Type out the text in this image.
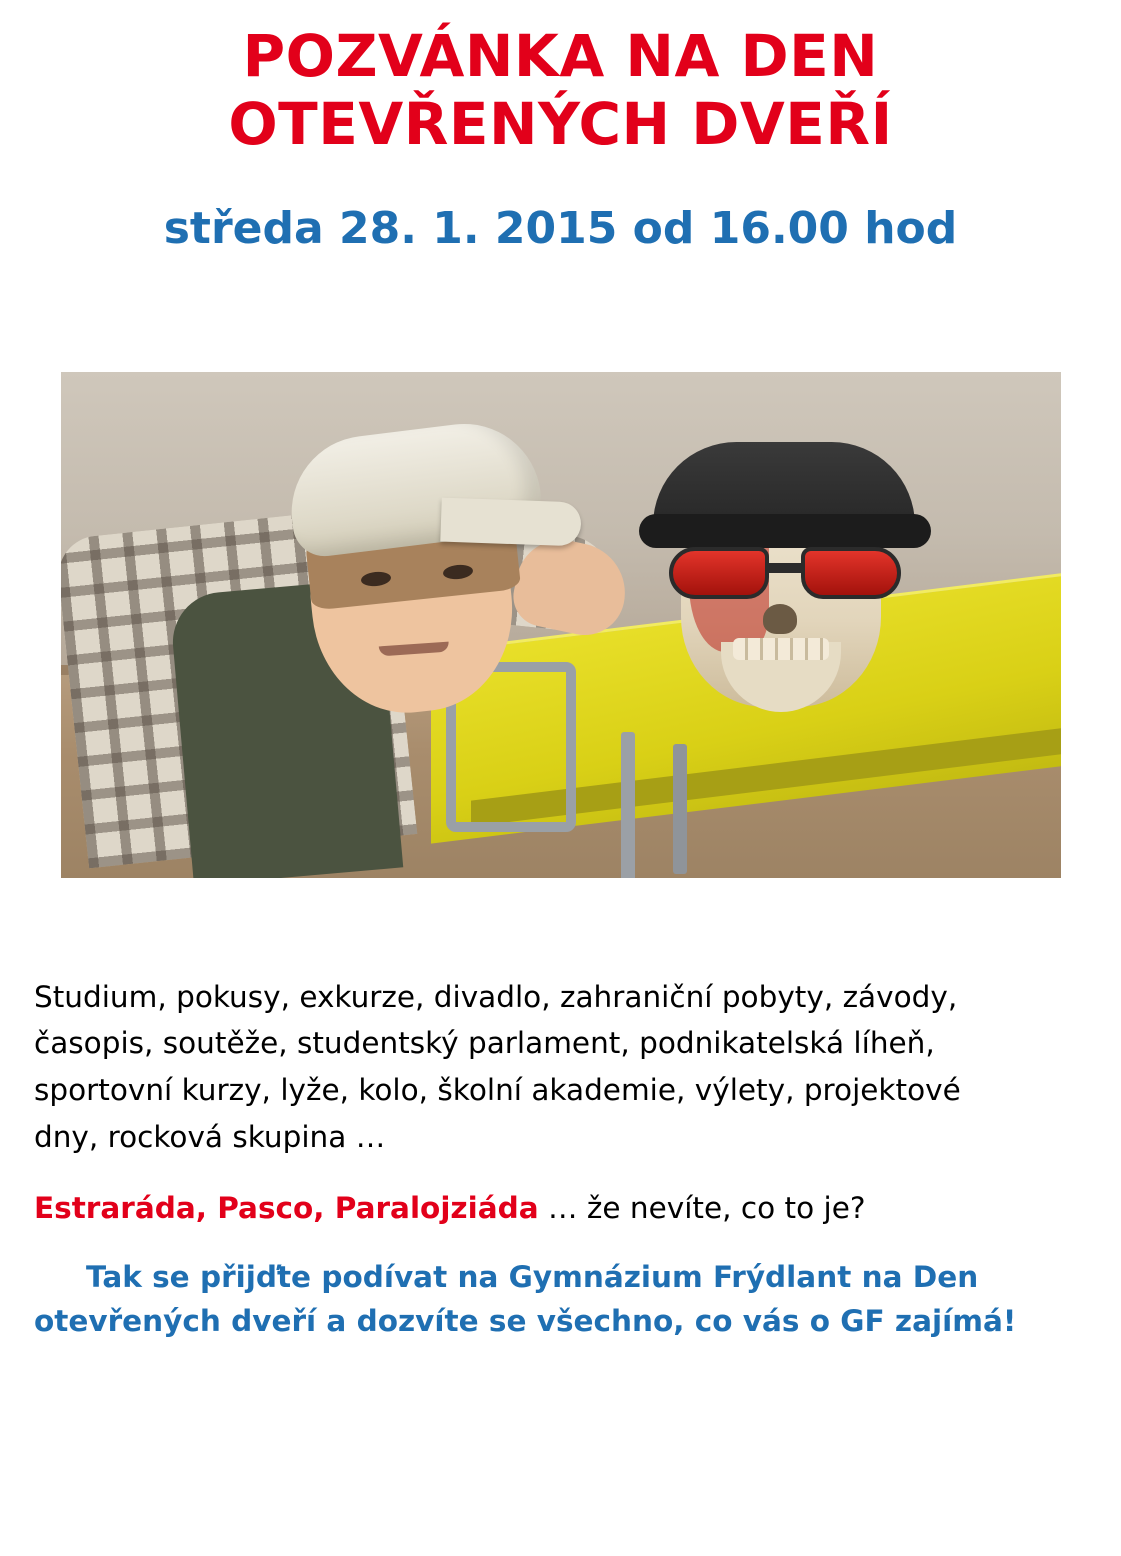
POZVÁNKA NA DEN
OTEVŘENÝCH DVEŘÍ
středa 28. 1. 2015 od 16.00 hod

Studium, pokusy, exkurze, divadlo, zahraniční pobyty, závody,

časopis, soutěže, studentský parlament, podnikatelská líheň,

sportovní kurzy, lyže, kolo, školní akademie, výlety, projektové

dny, rocková skupina …

Estraráda, Pasco, Paralojziáda … že nevíte, co to je?
Tak se přijďte podívat na Gymnázium Frýdlant na Den otevřených dveří a dozvíte se všechno, co vás o GF zajímá!
